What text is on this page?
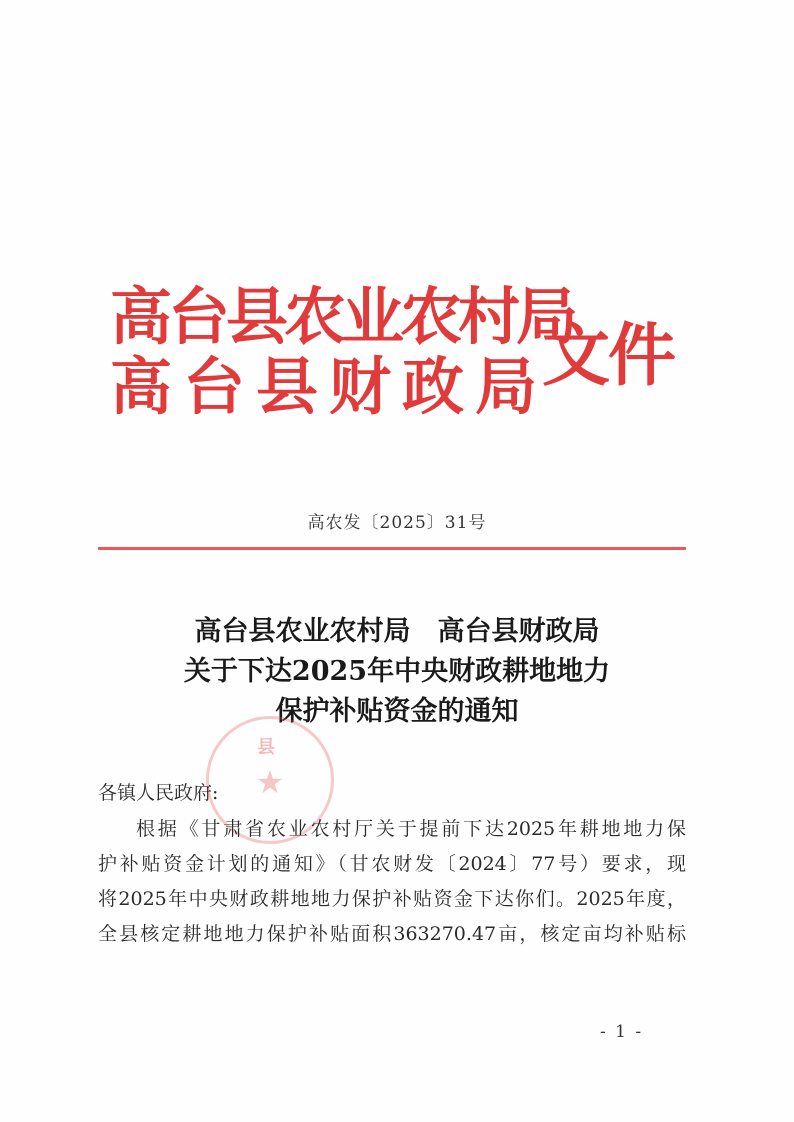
高台县农业农村局
高台县财政局
文件
高农发〔2025〕31号
高台县农业农村局　高台县财政局
关于下达2025年中央财政耕地地力
保护补贴资金的通知
县
★
各镇人民政府:
根据《甘肃省农业农村厅关于提前下达2025年耕地地力保
护补贴资金计划的通知》（甘农财发〔2024〕77号）要求，现
将2025年中央财政耕地地力保护补贴资金下达你们。2025年度，
全县核定耕地地力保护补贴面积363270.47亩，核定亩均补贴标
- 1 -
